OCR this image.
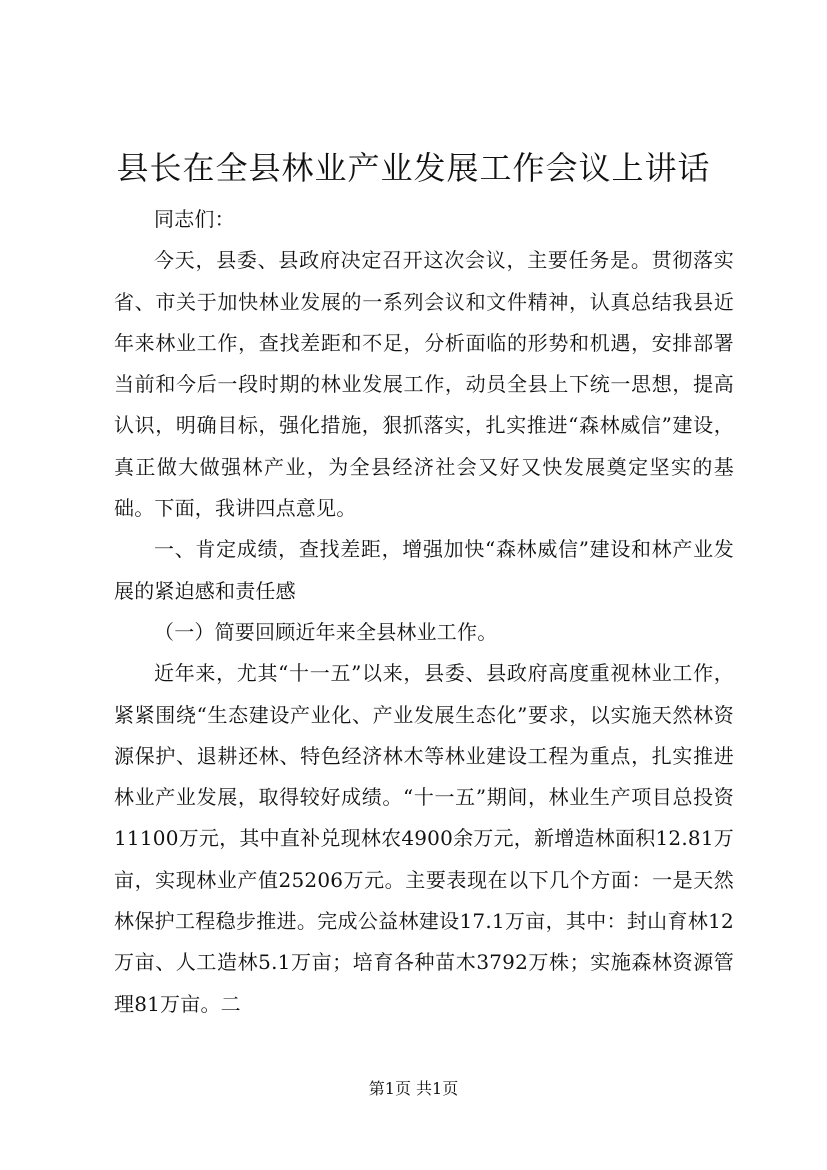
县长在全县林业产业发展工作会议上讲话

同志们：

今天，县委、县政府决定召开这次会议，主要任务是。贯彻落实省、市关于加快林业发展的一系列会议和文件精神，认真总结我县近年来林业工作，查找差距和不足，分析面临的形势和机遇，安排部署当前和今后一段时期的林业发展工作，动员全县上下统一思想，提高认识，明确目标，强化措施，狠抓落实，扎实推进“森林威信”建设，真正做大做强林产业，为全县经济社会又好又快发展奠定坚实的基础。下面，我讲四点意见。

一、肯定成绩，查找差距，增强加快“森林威信”建设和林产业发展的紧迫感和责任感

（一）简要回顾近年来全县林业工作。

近年来，尤其“十一五”以来，县委、县政府高度重视林业工作，紧紧围绕“生态建设产业化、产业发展生态化”要求，以实施天然林资源保护、退耕还林、特色经济林木等林业建设工程为重点，扎实推进林业产业发展，取得较好成绩。“十一五”期间，林业生产项目总投资11100万元，其中直补兑现林农4900余万元，新增造林面积12.81万亩，实现林业产值25206万元。主要表现在以下几个方面：一是天然林保护工程稳步推进。完成公益林建设17.1万亩，其中：封山育林12万亩、人工造林5.1万亩；培育各种苗木3792万株；实施森林资源管理81万亩。二

第1页 共1页
